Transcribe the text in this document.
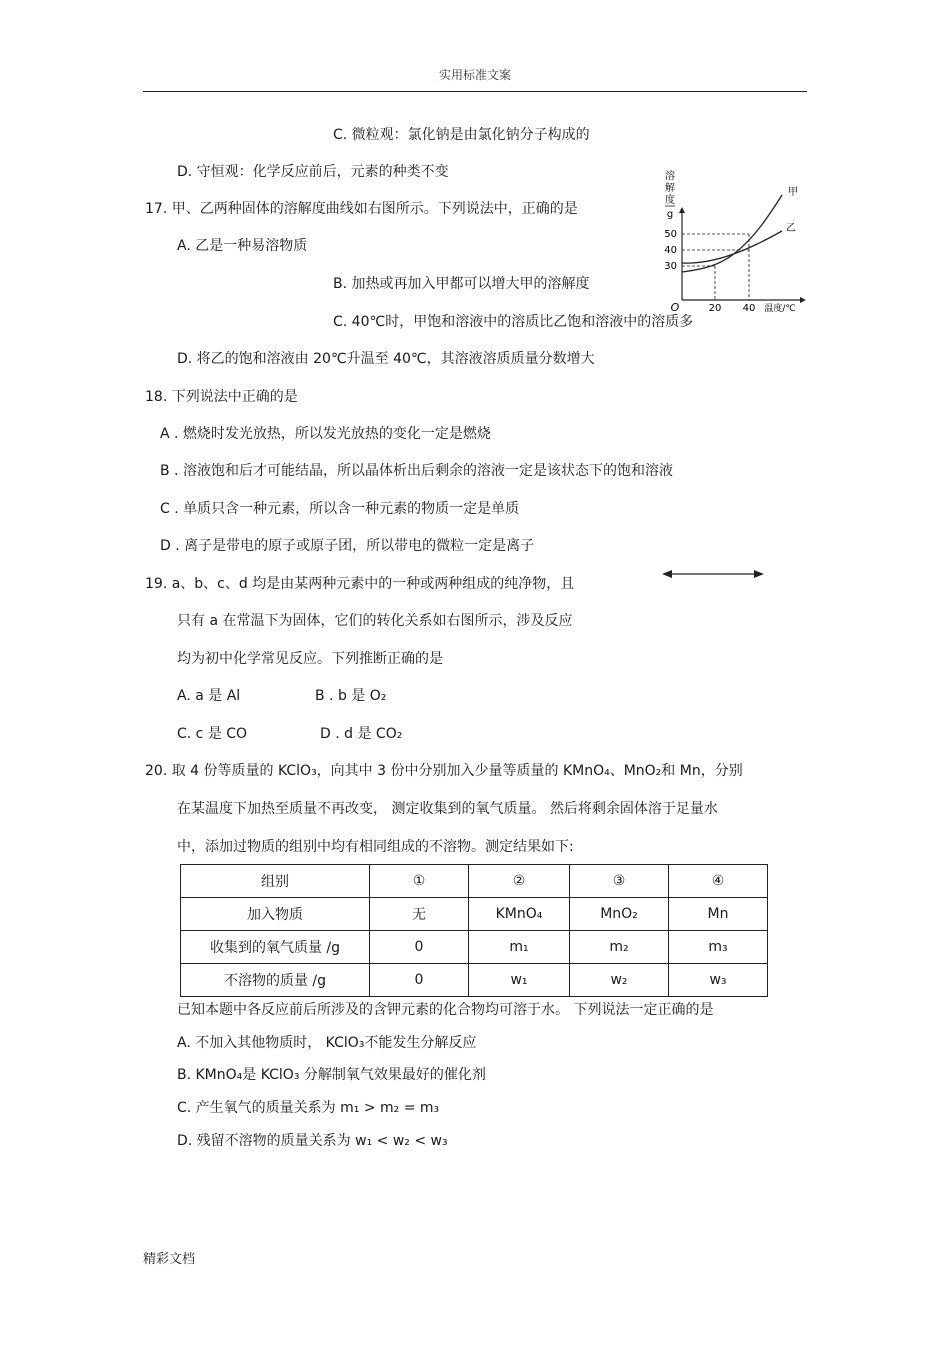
实用标准文案
C. 微粒观：氯化钠是由氯化钠分子构成的
D. 守恒观：化学反应前后，元素的种类不变
17. 甲、乙两种固体的溶解度曲线如右图所示。下列说法中，正确的是
A. 乙是一种易溶物质
B. 加热或再加入甲都可以增大甲的溶解度
C. 40℃时，甲饱和溶液中的溶质比乙饱和溶液中的溶质多
D. 将乙的饱和溶液由 20℃升温至 40℃，其溶液溶质质量分数增大
溶
解
度
g
50
40
30
O	20 40 温度/℃
甲
乙
18. 下列说法中正确的是
A . 燃烧时发光放热，所以发光放热的变化一定是燃烧
B . 溶液饱和后才可能结晶，所以晶体析出后剩余的溶液一定是该状态下的饱和溶液
C . 单质只含一种元素，所以含一种元素的物质一定是单质
D . 离子是带电的原子或原子团，所以带电的微粒一定是离子
19. a、b、c、d 均是由某两种元素中的一种或两种组成的纯净物，且
只有 a 在常温下为固体，它们的转化关系如右图所示，涉及反应
均为初中化学常见反应。下列推断正确的是
A. a 是 Al	B . b 是 O₂
C. c 是 CO	D . d 是 CO₂
20. 取 4 份等质量的 KClO₃，向其中 3 份中分别加入少量等质量的 KMnO₄、MnO₂和 Mn，分别
在某温度下加热至质量不再改变， 测定收集到的氧气质量。 然后将剩余固体溶于足量水
中，添加过物质的组别中均有相同组成的不溶物。测定结果如下:
组别	①	②	③	④
加入物质	无	KMnO₄	MnO₂	Mn
收集到的氧气质量 /g	0	m₁	m₂	m₃
不溶物的质量 /g	0	w₁	w₂	w₃
已知本题中各反应前后所涉及的含钾元素的化合物均可溶于水。 下列说法一定正确的是
A. 不加入其他物质时， KClO₃不能发生分解反应
B. KMnO₄是 KClO₃ 分解制氧气效果最好的催化剂
C. 产生氧气的质量关系为 m₁ > m₂ = m₃
D. 残留不溶物的质量关系为 w₁ < w₂ < w₃
精彩文档
